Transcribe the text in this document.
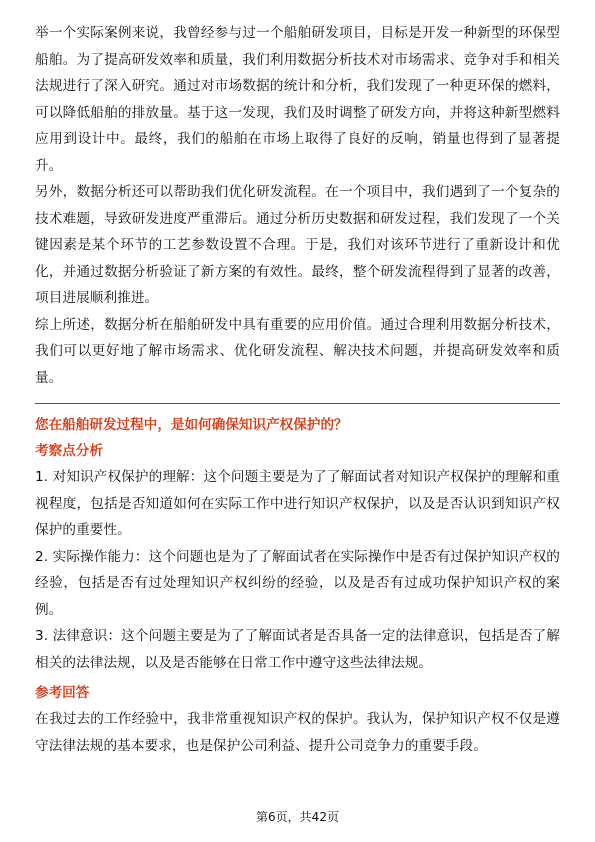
举一个实际案例来说，我曾经参与过一个船舶研发项目，目标是开发一种新型的环保型船舶。为了提高研发效率和质量，我们利用数据分析技术对市场需求、竞争对手和相关法规进行了深入研究。通过对市场数据的统计和分析，我们发现了一种更环保的燃料，可以降低船舶的排放量。基于这一发现，我们及时调整了研发方向，并将这种新型燃料应用到设计中。最终，我们的船舶在市场上取得了良好的反响，销量也得到了显著提升。

另外，数据分析还可以帮助我们优化研发流程。在一个项目中，我们遇到了一个复杂的技术难题，导致研发进度严重滞后。通过分析历史数据和研发过程，我们发现了一个关键因素是某个环节的工艺参数设置不合理。于是，我们对该环节进行了重新设计和优化，并通过数据分析验证了新方案的有效性。最终，整个研发流程得到了显著的改善，项目进展顺利推进。

综上所述，数据分析在船舶研发中具有重要的应用价值。通过合理利用数据分析技术，我们可以更好地了解市场需求、优化研发流程、解决技术问题，并提高研发效率和质量。

您在船舶研发过程中，是如何确保知识产权保护的？

考察点分析

1. 对知识产权保护的理解：这个问题主要是为了了解面试者对知识产权保护的理解和重视程度，包括是否知道如何在实际工作中进行知识产权保护，以及是否认识到知识产权保护的重要性。

2. 实际操作能力：这个问题也是为了了解面试者在实际操作中是否有过保护知识产权的经验，包括是否有过处理知识产权纠纷的经验，以及是否有过成功保护知识产权的案例。

3. 法律意识：这个问题主要是为了了解面试者是否具备一定的法律意识，包括是否了解相关的法律法规，以及是否能够在日常工作中遵守这些法律法规。

参考回答

在我过去的工作经验中，我非常重视知识产权的保护。我认为，保护知识产权不仅是遵守法律法规的基本要求，也是保护公司利益、提升公司竞争力的重要手段。

第6页，共42页
